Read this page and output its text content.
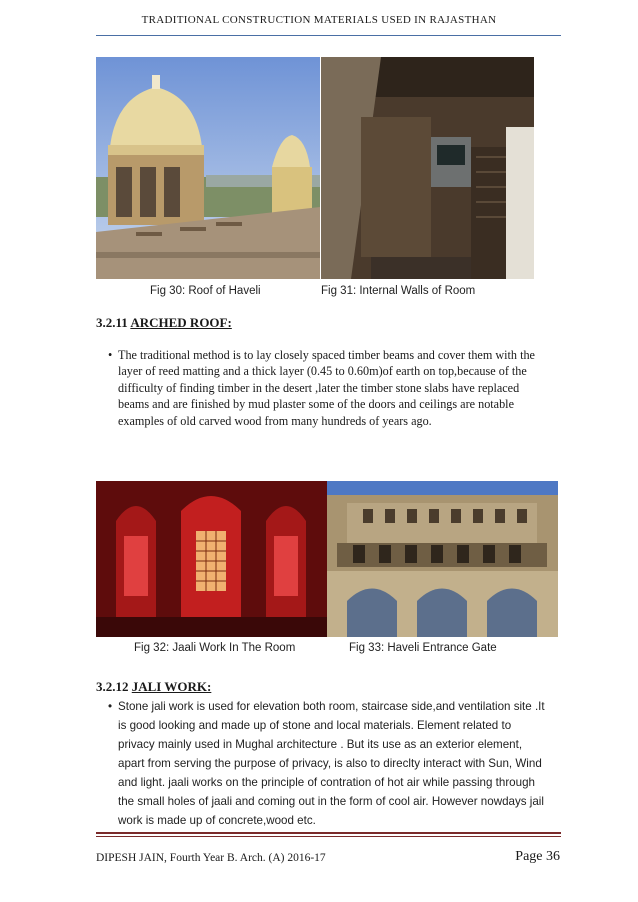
TRADITIONAL CONSTRUCTION MATERIALS USED IN RAJASTHAN
Fig 30: Roof of Haveli	Fig 31: Internal Walls of Room
3.2.11 ARCHED ROOF:
• The traditional method is to lay closely spaced timber beams and cover them with the layer of reed matting and a thick layer (0.45 to 0.60m)of earth on top,because of the difficulty of finding timber in the desert ,later the timber stone slabs have replaced beams and are finished by mud plaster some of the doors and ceilings are notable examples of old carved wood from many hundreds of years ago.
Fig 32: Jaali Work In The Room	Fig 33: Haveli Entrance Gate
3.2.12 JALI WORK:
• Stone jali work is used for elevation both room, staircase side,and ventilation site .It is good looking and made up of stone and local materials. Element related to privacy mainly used in Mughal architecture . But its use as an exterior element, apart from serving the purpose of privacy, is also to direclty interact with Sun, Wind and light. jaali works on the principle of contration of hot air while passing through the small holes of jaali and coming out in the form of cool air. However nowdays jail work is made up of concrete,wood etc.
DIPESH JAIN, Fourth Year B. Arch. (A) 2016-17	Page 36
